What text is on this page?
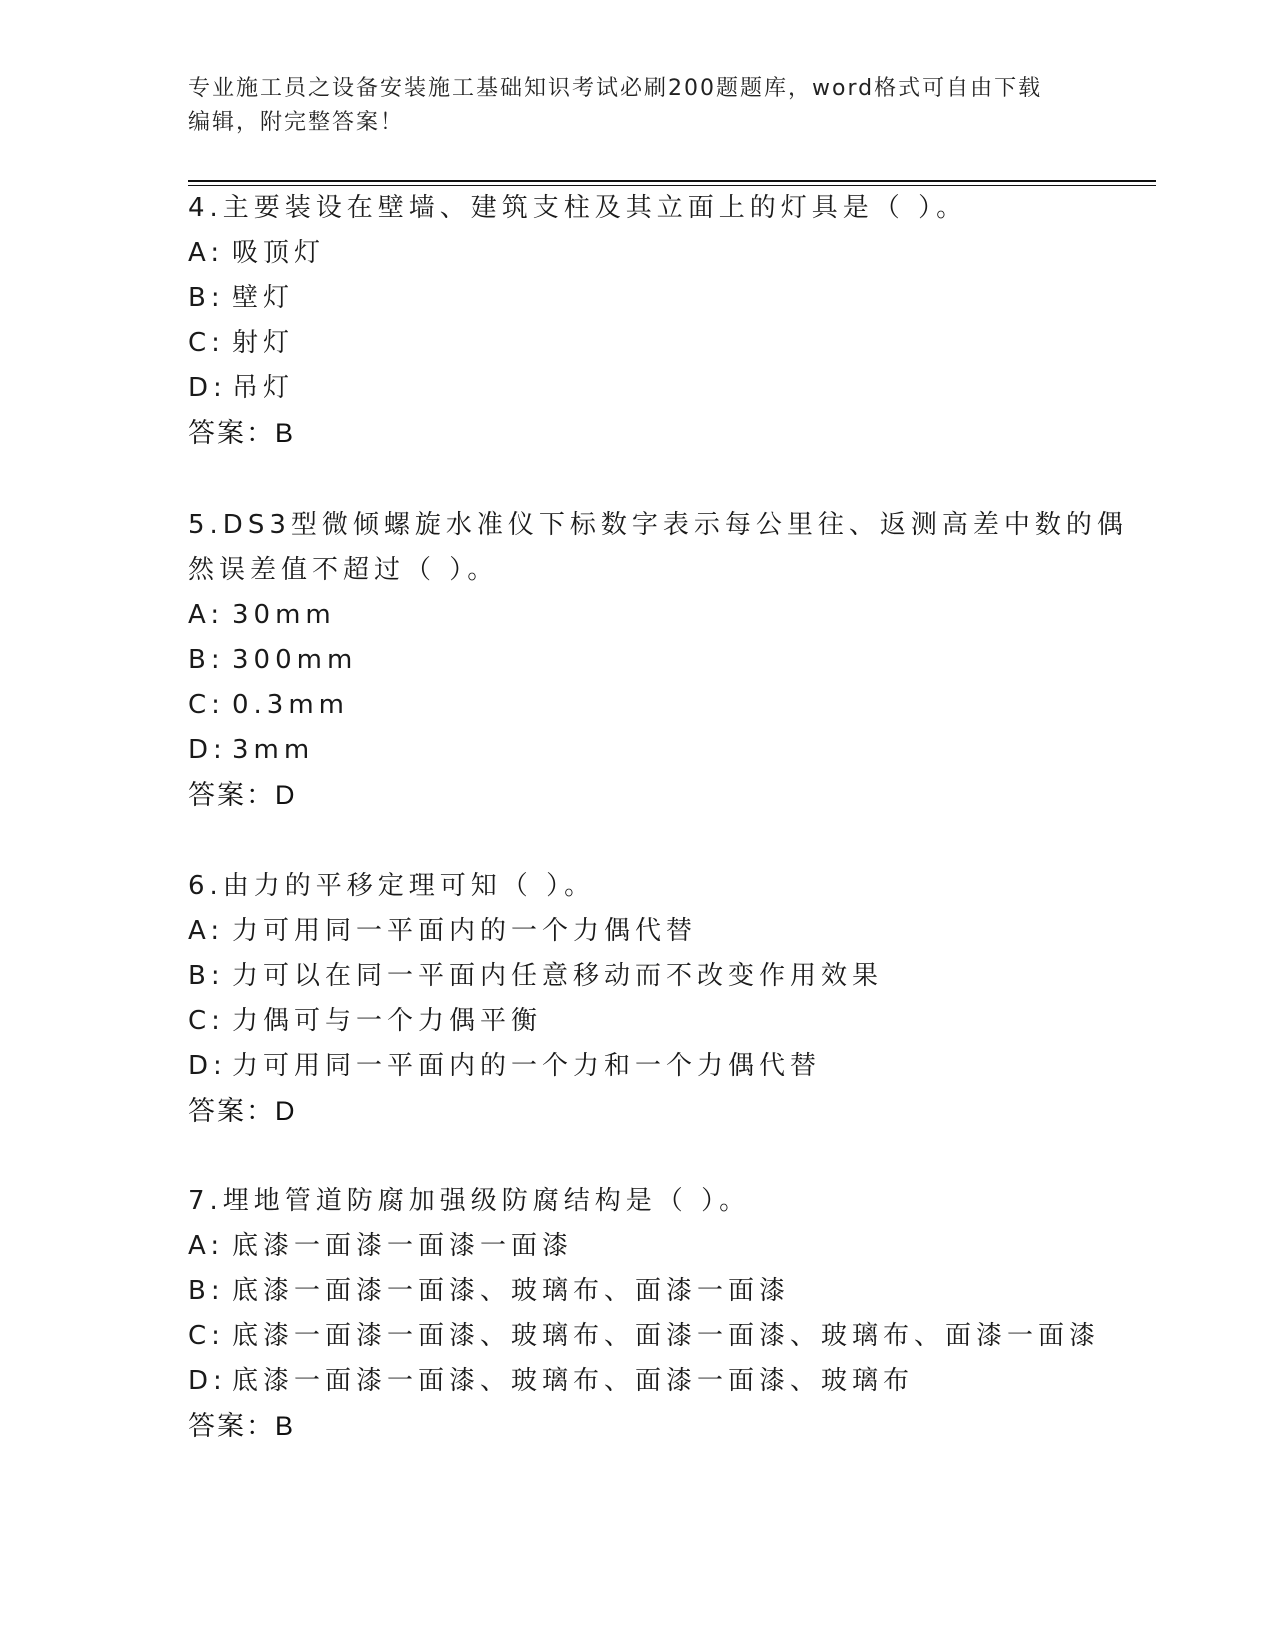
专业施工员之设备安装施工基础知识考试必刷200题题库，word格式可自由下载
编辑，附完整答案！

4.主要装设在壁墙、建筑支柱及其立面上的灯具是（ ）。

A: 吸顶灯

B: 壁灯

C: 射灯

D: 吊灯

答案：B

5.DS3型微倾螺旋水准仪下标数字表示每公里往、返测高差中数的偶然误差值不超过（ ）。

A: 30mm

B: 300mm

C: 0.3mm

D: 3mm

答案：D

6.由力的平移定理可知（ ）。

A: 力可用同一平面内的一个力偶代替

B: 力可以在同一平面内任意移动而不改变作用效果

C: 力偶可与一个力偶平衡

D: 力可用同一平面内的一个力和一个力偶代替

答案：D

7.埋地管道防腐加强级防腐结构是（ ）。

A: 底漆一面漆一面漆一面漆

B: 底漆一面漆一面漆、玻璃布、面漆一面漆

C: 底漆一面漆一面漆、玻璃布、面漆一面漆、玻璃布、面漆一面漆

D: 底漆一面漆一面漆、玻璃布、面漆一面漆、玻璃布

答案：B
